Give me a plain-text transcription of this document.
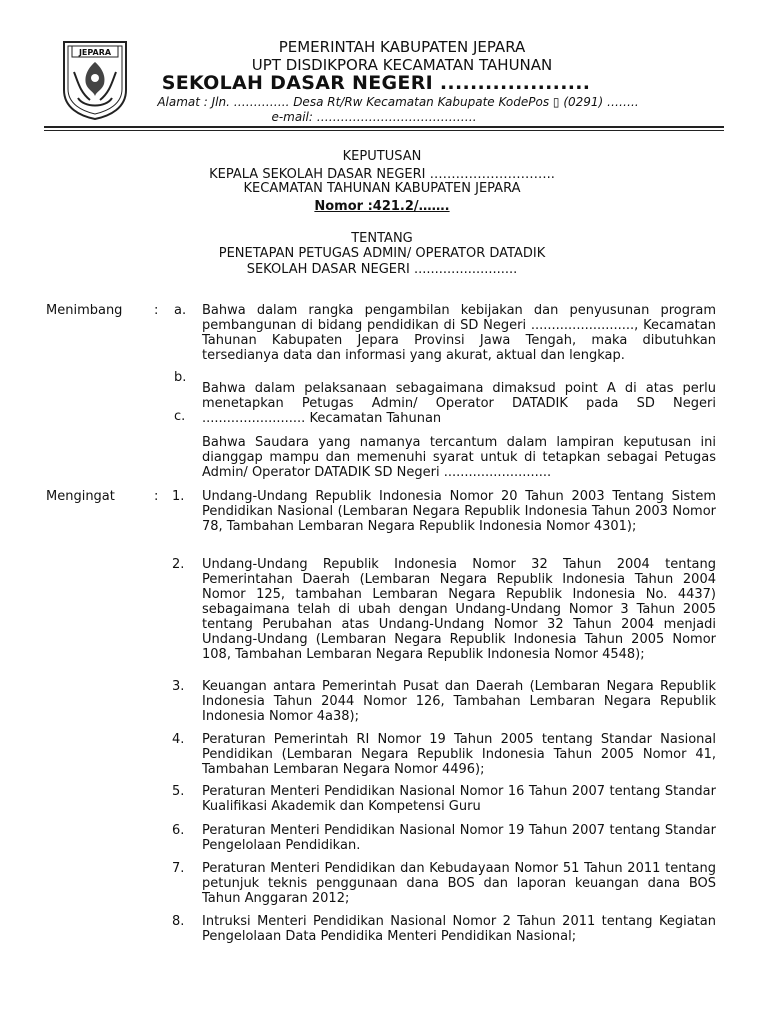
JEPARA	PEMERINTAH KABUPATEN JEPARA
UPT DISDIKPORA KECAMATAN TAHUNAN
SEKOLAH DASAR NEGERI ....................
Alamat : Jln. ………….. Desa Rt/Rw Kecamatan Kabupate KodePos ▯ (0291) ……..
e-mail: ………………………………….
KEPUTUSAN
KEPALA SEKOLAH DASAR NEGERI ………………………..
KECAMATAN TAHUNAN KABUPATEN JEPARA
Nomor :421.2/…….
TENTANG
PENETAPAN PETUGAS ADMIN/ OPERATOR DATADIK
SEKOLAH DASAR NEGERI .........................
Menimbang : a.
b.
c.
Bahwa dalam rangka pengambilan kebijakan dan penyusunan program pembangunan di bidang pendidikan di SD Negeri ........................., Kecamatan Tahunan Kabupaten Jepara Provinsi Jawa Tengah, maka dibutuhkan tersedianya data dan informasi yang akurat, aktual dan lengkap.
Bahwa dalam pelaksanaan sebagaimana dimaksud point A di atas perlu menetapkan Petugas Admin/ Operator DATADIK pada SD Negeri ......................... Kecamatan Tahunan
Bahwa Saudara yang namanya tercantum dalam lampiran keputusan ini dianggap mampu dan memenuhi syarat untuk di tetapkan sebagai Petugas Admin/ Operator DATADIK SD Negeri ..........................
Mengingat	: 1. Undang-Undang Republik Indonesia Nomor 20 Tahun 2003 Tentang Sistem Pendidikan Nasional (Lembaran Negara Republik Indonesia Tahun 2003 Nomor 78, Tambahan Lembaran Negara Republik Indonesia Nomor 4301);
2. Undang-Undang Republik Indonesia Nomor 32 Tahun 2004 tentang Pemerintahan Daerah (Lembaran Negara Republik Indonesia Tahun 2004 Nomor 125, tambahan Lembaran Negara Republik Indonesia No. 4437) sebagaimana telah di ubah dengan Undang-Undang Nomor 3 Tahun 2005 tentang Perubahan atas Undang-Undang Nomor 32 Tahun 2004 menjadi Undang-Undang (Lembaran Negara Republik Indonesia Tahun 2005 Nomor 108, Tambahan Lembaran Negara Republik Indonesia Nomor 4548);
3. Keuangan antara Pemerintah Pusat dan Daerah (Lembaran Negara Republik Indonesia Tahun 2044 Nomor 126, Tambahan Lembaran Negara Republik Indonesia Nomor 4a38);
4. Peraturan Pemerintah RI Nomor 19 Tahun 2005 tentang Standar Nasional Pendidikan (Lembaran Negara Republik Indonesia Tahun 2005 Nomor 41, Tambahan Lembaran Negara Nomor 4496);
5. Peraturan Menteri Pendidikan Nasional Nomor 16 Tahun 2007 tentang Standar Kualifikasi Akademik dan Kompetensi Guru
6. Peraturan Menteri Pendidikan Nasional Nomor 19 Tahun 2007 tentang Standar Pengelolaan Pendidikan.
7. Peraturan Menteri Pendidikan dan Kebudayaan Nomor 51 Tahun 2011 tentang petunjuk teknis penggunaan dana BOS dan laporan keuangan dana BOS Tahun Anggaran 2012;
8. Intruksi Menteri Pendidikan Nasional Nomor 2 Tahun 2011 tentang Kegiatan Pengelolaan Data Pendidika Menteri Pendidikan Nasional;
